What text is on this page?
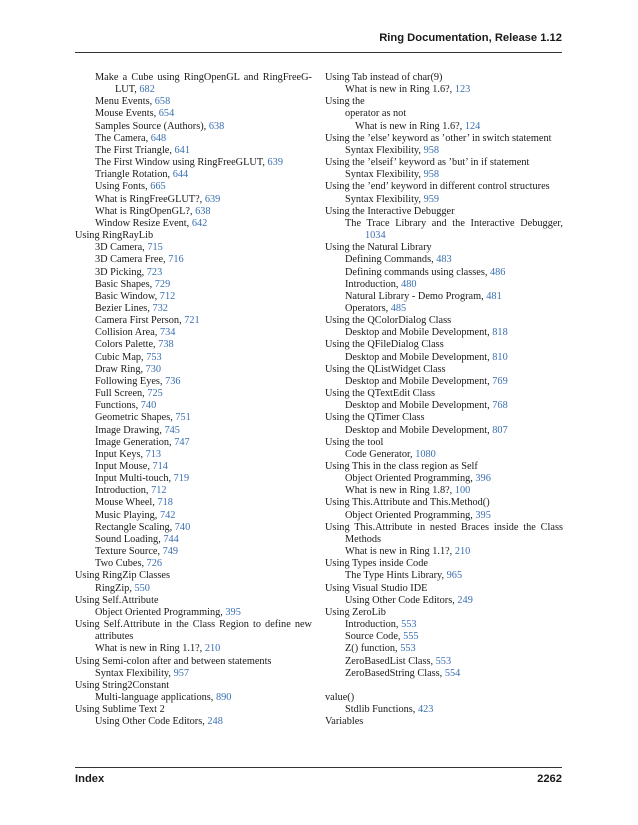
Ring Documentation, Release 1.12
Make a Cube using RingOpenGL and RingFreeG-LUT, 682
Menu Events, 658
Mouse Events, 654
Samples Source (Authors), 638
The Camera, 648
The First Triangle, 641
The First Window using RingFreeGLUT, 639
Triangle Rotation, 644
Using Fonts, 665
What is RingFreeGLUT?, 639
What is RingOpenGL?, 638
Window Resize Event, 642
Using RingRayLib
3D Camera, 715
3D Camera Free, 716
3D Picking, 723
Basic Shapes, 729
Basic Window, 712
Bezier Lines, 732
Camera First Person, 721
Collision Area, 734
Colors Palette, 738
Cubic Map, 753
Draw Ring, 730
Following Eyes, 736
Full Screen, 725
Functions, 740
Geometric Shapes, 751
Image Drawing, 745
Image Generation, 747
Input Keys, 713
Input Mouse, 714
Input Multi-touch, 719
Introduction, 712
Mouse Wheel, 718
Music Playing, 742
Rectangle Scaling, 740
Sound Loading, 744
Texture Source, 749
Two Cubes, 726
Using RingZip Classes
RingZip, 550
Using Self.Attribute
Object Oriented Programming, 395
Using Self.Attribute in the Class Region to define new attributes
What is new in Ring 1.1?, 210
Using Semi-colon after and between statements
Syntax Flexibility, 957
Using String2Constant
Multi-language applications, 890
Using Sublime Text 2
Using Other Code Editors, 248
Using Tab instead of char(9)
What is new in Ring 1.6?, 123
Using the
operator as not
What is new in Ring 1.6?, 124
Using the ’else’ keyword as ’other’ in switch statement
Syntax Flexibility, 958
Using the ’elseif’ keyword as ’but’ in if statement
Syntax Flexibility, 958
Using the ’end’ keyword in different control structures
Syntax Flexibility, 959
Using the Interactive Debugger
The Trace Library and the Interactive Debugger, 1034
Using the Natural Library
Defining Commands, 483
Defining commands using classes, 486
Introduction, 480
Natural Library - Demo Program, 481
Operators, 485
Using the QColorDialog Class
Desktop and Mobile Development, 818
Using the QFileDialog Class
Desktop and Mobile Development, 810
Using the QListWidget Class
Desktop and Mobile Development, 769
Using the QTextEdit Class
Desktop and Mobile Development, 768
Using the QTimer Class
Desktop and Mobile Development, 807
Using the tool
Code Generator, 1080
Using This in the class region as Self
Object Oriented Programming, 396
What is new in Ring 1.8?, 100
Using This.Attribute and This.Method()
Object Oriented Programming, 395
Using This.Attribute in nested Braces inside the Class Methods
What is new in Ring 1.1?, 210
Using Types inside Code
The Type Hints Library, 965
Using Visual Studio IDE
Using Other Code Editors, 249
Using ZeroLib
Introduction, 553
Source Code, 555
Z() function, 553
ZeroBasedList Class, 553
ZeroBasedString Class, 554
value()
Stdlib Functions, 423
Variables
Index	2262
